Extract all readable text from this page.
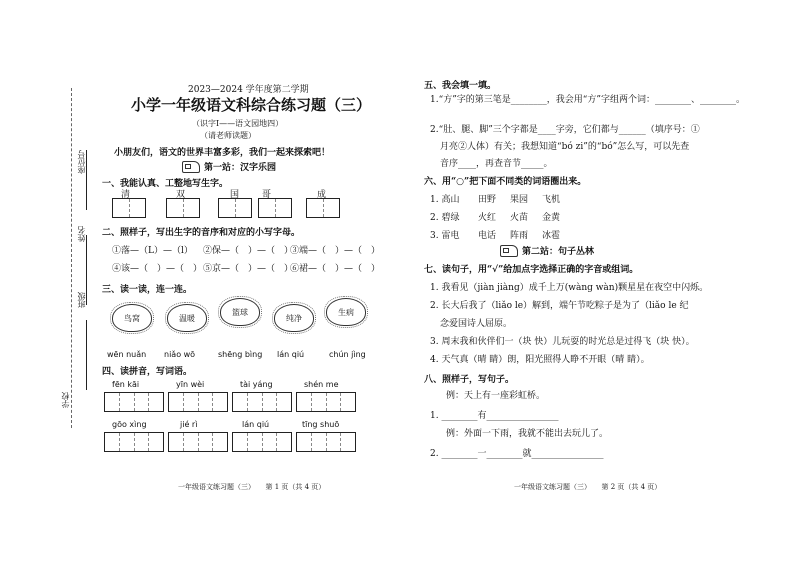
座位号
姓名
班级
学校
2023—2024 学年度第二学期
小学一年级语文科综合练习题（三）
（识字Ⅰ——语文园地四）
（请老师读题）
小朋友们，语文的世界丰富多彩，我们一起来探索吧！
第一站：汉字乐园
一、我能认真、工整地写生字。
清	双	国	哥	成
二、照样子，写出生字的音序和对应的小写字母。
①落—（L）—（l） ②保—（　）—（　）
③端—（　）—（　）
④该—（　）—（　） ⑤京—（　）—（　）
⑥裙—（　）—（　）
三、读一读，连一连。
鸟窝	温暖
篮球
纯净
生病
wēn nuǎn niǎo wō	shēng bìng lán qiú	chún jìng
四、读拼音，写词语。
fēn kāi	yīn wèi	tài yáng	shén me
gōo xìng	jié rì	lán qiú	tīng shuō
一年级语文练习题（三）　　第 1 页（共 4 页）
五、我会填一填。
1.“方”字的第三笔是________，我会用“方”字组两个词：________、________。
2.“肚、腿、脚”三个字都是____字旁，它们都与______（填序号：①
月亮②人体）有关；我想知道“bó zi”的“bó”怎么写，可以先查
音序____，再查音节_____。
六、用“○”把下面不同类的词语圈出来。
1. 高山 田野 果园 飞机
2. 碧绿 火红 火苗 金黄
3. 雷电 电话 阵雨 冰雹
第二站：句子丛林
七、读句子，用“√”给加点字选择正确的字音或组词。
1. 我看见（jiàn jiàng）成千上万(wàng wàn)颗星星在夜空中闪烁。
2. 长大后我了（liǎo le）解到，端午节吃粽子是为了（liǎo le 纪
念爱国诗人屈原。
3. 周末我和伙伴们一（块 快）儿玩耍的时光总是过得飞（块 快）。
4. 天气真（晴 睛）朗，阳光照得人睁不开眼（晴 睛）。
八、照样子，写句子。
例：天上有一座彩虹桥。
1. ________有________________
例：外面一下雨，我就不能出去玩儿了。
2. ________一________就________________
一年级语文练习题（三）　　第 2 页（共 4 页）
